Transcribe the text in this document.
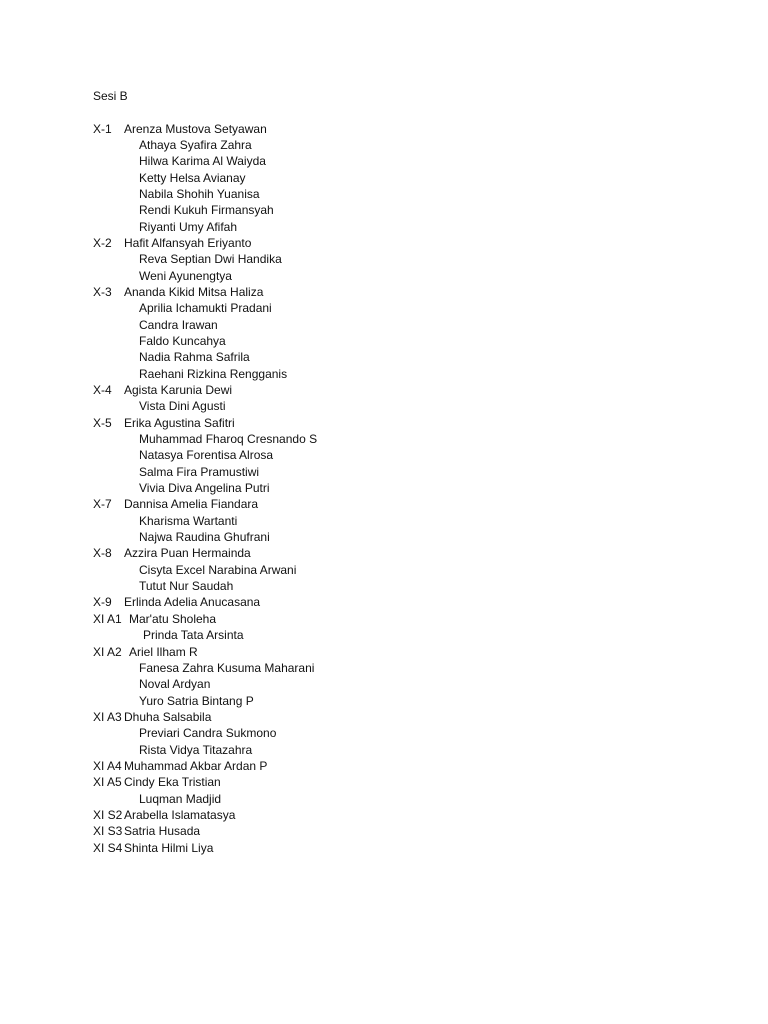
Sesi B
X-1 Arenza Mustova Setyawan
Athaya Syafira Zahra
Hilwa Karima Al Waiyda
Ketty Helsa Avianay
Nabila Shohih Yuanisa
Rendi Kukuh Firmansyah
Riyanti Umy Afifah
X-2 Hafit Alfansyah Eriyanto
Reva Septian Dwi Handika
Weni Ayunengtya
X-3 Ananda Kikid Mitsa Haliza
Aprilia Ichamukti Pradani
Candra Irawan
Faldo Kuncahya
Nadia Rahma Safrila
Raehani Rizkina Rengganis
X-4 Agista Karunia Dewi
Vista Dini Agusti
X-5 Erika Agustina Safitri
Muhammad Fharoq Cresnando S
Natasya Forentisa Alrosa
Salma Fira Pramustiwi
Vivia Diva Angelina Putri
X-7 Dannisa Amelia Fiandara
Kharisma Wartanti
Najwa Raudina Ghufrani
X-8 Azzira Puan Hermainda
Cisyta Excel Narabina Arwani
Tutut Nur Saudah
X-9 Erlinda Adelia Anucasana
XI A1 Mar'atu Sholeha
Prinda Tata Arsinta
XI A2 Ariel Ilham R
Fanesa Zahra Kusuma Maharani
Noval Ardyan
Yuro Satria Bintang P
XI A3 Dhuha Salsabila
Previari Candra Sukmono
Rista Vidya Titazahra
XI A4 Muhammad Akbar Ardan P
XI A5 Cindy Eka Tristian
Luqman Madjid
XI S2 Arabella Islamatasya
XI S3 Satria Husada
XI S4 Shinta Hilmi Liya
